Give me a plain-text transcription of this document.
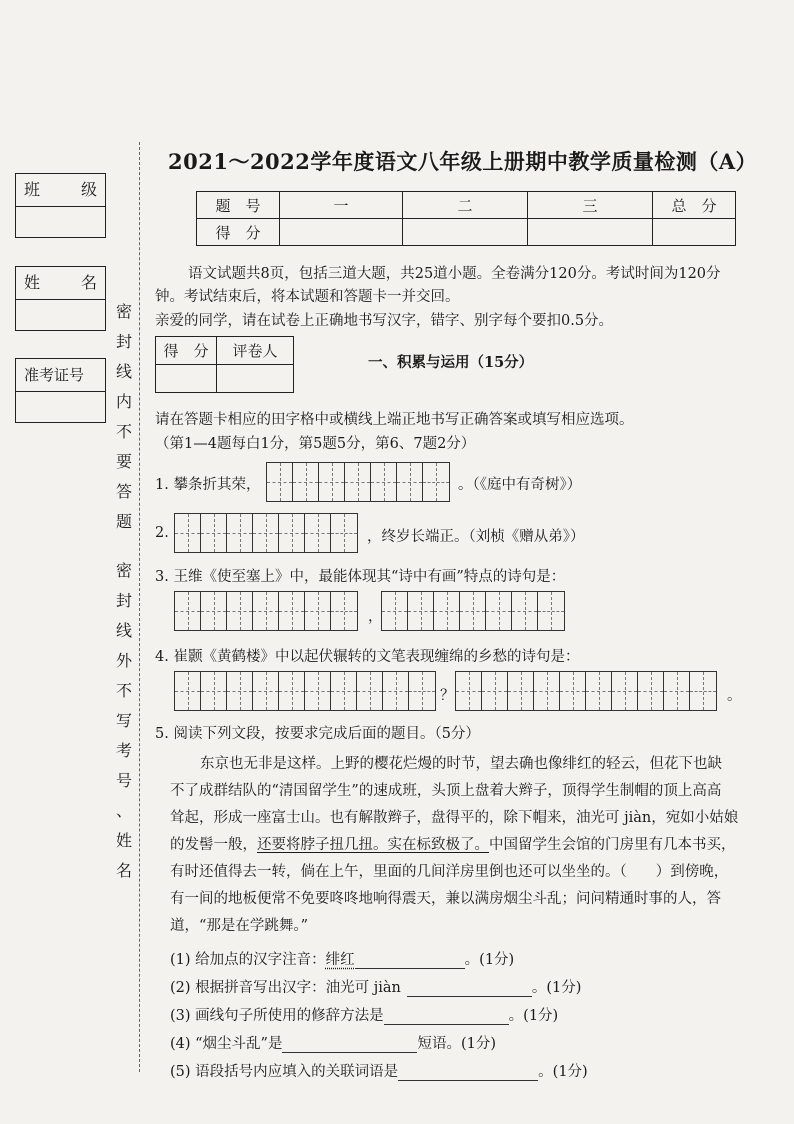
班	级
姓	名
准考证号
密
封
线
内
不
要
答
题
密
封
线
外
不
写
考
号
、
姓
名
2021～2022学年度语文八年级上册期中教学质量检测（A）
题　号	一	二	三	总　分
得　分				
语文试题共8页，包括三道大题，共25道小题。全卷满分120分。考试时间为120分
钟。考试结束后，将本试题和答题卡一并交回。
亲爱的同学，请在试卷上正确地书写汉字，错字、别字每个要扣0.5分。
得　分	评卷人

一、积累与运用（15分）
请在答题卡相应的田字格中或横线上端正地书写正确答案或填写相应选项。
（第1—4题每白1分，第5题5分，第6、7题2分）
1. 攀条折其荣，	。（《庭中有奇树》）
2.	，终岁长端正。（刘桢《赠从弟》）
3. 王维《使至塞上》中，最能体现其“诗中有画”特点的诗句是：
，
4. 崔颢《黄鹤楼》中以起伏辗转的文笔表现缠绵的乡愁的诗句是：
？	。
5. 阅读下列文段，按要求完成后面的题目。（5分）
东京也无非是这样。上野的樱花烂熳的时节，望去确也像绯红的轻云，但花下也缺
不了成群结队的“清国留学生”的速成班，头顶上盘着大辫子，顶得学生制帽的顶上高高
耸起，形成一座富士山。也有解散辫子，盘得平的，除下帽来，油光可 jiàn，宛如小姑娘
的发髻一般，还要将脖子扭几扭。实在标致极了。中国留学生会馆的门房里有几本书买，
有时还值得去一转，倘在上午，里面的几间洋房里倒也还可以坐坐的。（　　）到傍晚，
有一间的地板便常不免要咚咚地响得震天，兼以满房烟尘斗乱；问问精通时事的人，答
道，“那是在学跳舞。”
(1) 给加点的汉字注音：绯红	。(1分)
(2) 根据拼音写出汉字：油光可 jiàn	。(1分)
(3) 画线句子所使用的修辞方法是	。(1分)
(4) “烟尘斗乱”是	短语。(1分)
(5) 语段括号内应填入的关联词语是	。(1分)
